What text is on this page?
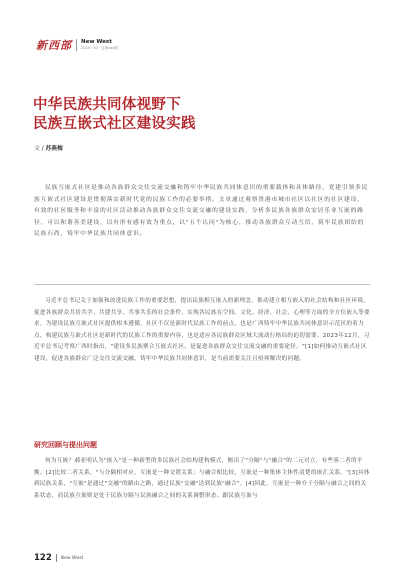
新西部 New West
2024 · 10 · 总第xxx期
中华民族共同体视野下
民族互嵌式社区建设实践
文 / 苏燕梅

民族互嵌式社区是推动各族群众交往交流交融和铸牢中华民族共同体意识的重要载体和具体路径。党建引领多民族互嵌式社区建设是贯彻落实新时代党的民族工作的必要举措。文章通过观察贵港市城市社区以社区的社区建设，有效的社区服务和丰富的社区活动推动各族群众交往交流交融的建设实践，分析多民族各族群众安居乐业互嵌的路径，可以和谐善美建设，以有形有感有效为重点，以"五个认同"为核心，推动各族群众互动互信，筑牢民族团结的民族石尚，铸牢中华民族共同体意识。

习近平总书记关于加强和改进民族工作的重要思想，提出民族相互嵌入的新理念，推动建立相互嵌入的社会结构和社区环境，促进各族群众共居共学、共建共享、共事共乐的社会条件，实现各民族在空间、文化、经济、社会、心理等方面的全方位嵌入等要求，为建设民族互嵌式社区提供根本遵循。社区不仅是新时代民族工作的前点，也是广西铸牢中华民族共同体意识示范区的着力点，构建民族互嵌式社区是新时代的民族工作的重要内容，也是适应各民族群众区域大流动行格局的迫切需要。2023年12月，习近平总书记考察广西时指出，"建设多民族聚合互嵌式社区，是促进各族群众交往交流交融的重要途径。"[1]如何推动互嵌式社区建设，促进各族群众广泛交往交流交融，铸牢中华民族共同体意识，是当前需要关注且亟须解决的问题。

研究回顾与提出问题

何为互嵌？郝亚明认为"嵌入"是一种新型的多民族社会结构建构模式，衡出了"分隔"与"融合"的二元对立，有些客二者的平衡。[2]比较二者关系，"与分隔相对应，互嵌是一种交错关系；与融合相比较，互嵌是一种集体主体性清楚的嵌汇关系。"[3]具体到民族关系，"互嵌"是通过"交融"的路由之路，通过民族"交融"达到民族"融合"。[4]因此，互嵌是一种介于分隔与融合之间的关系状态，而民族互嵌则是处于民族分隔与民族融合之间的关系调整形态。跟民族互嵌与

122 New West
